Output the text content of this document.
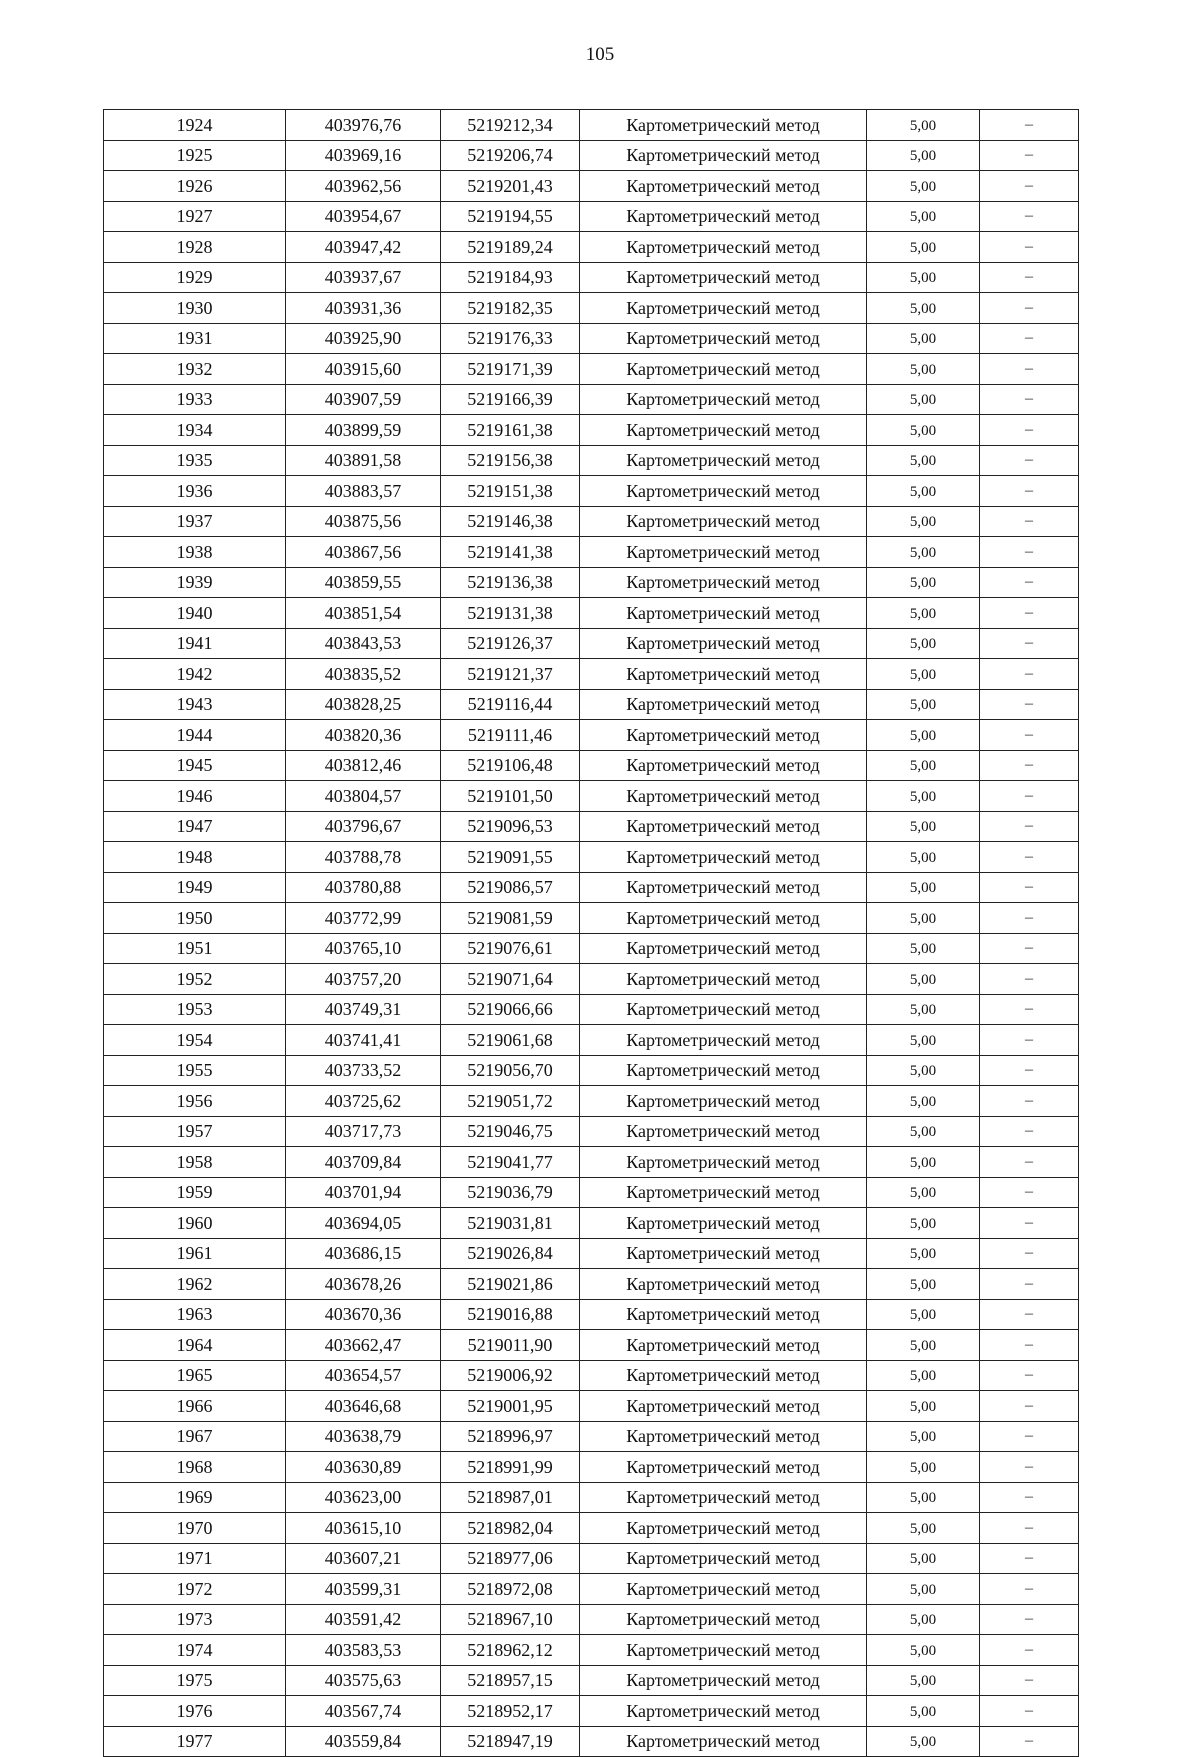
105
1924	403976,76	5219212,34	Картометрический метод	5,00	–
1925	403969,16	5219206,74	Картометрический метод	5,00	–
1926	403962,56	5219201,43	Картометрический метод	5,00	–
1927	403954,67	5219194,55	Картометрический метод	5,00	–
1928	403947,42	5219189,24	Картометрический метод	5,00	–
1929	403937,67	5219184,93	Картометрический метод	5,00	–
1930	403931,36	5219182,35	Картометрический метод	5,00	–
1931	403925,90	5219176,33	Картометрический метод	5,00	–
1932	403915,60	5219171,39	Картометрический метод	5,00	–
1933	403907,59	5219166,39	Картометрический метод	5,00	–
1934	403899,59	5219161,38	Картометрический метод	5,00	–
1935	403891,58	5219156,38	Картометрический метод	5,00	–
1936	403883,57	5219151,38	Картометрический метод	5,00	–
1937	403875,56	5219146,38	Картометрический метод	5,00	–
1938	403867,56	5219141,38	Картометрический метод	5,00	–
1939	403859,55	5219136,38	Картометрический метод	5,00	–
1940	403851,54	5219131,38	Картометрический метод	5,00	–
1941	403843,53	5219126,37	Картометрический метод	5,00	–
1942	403835,52	5219121,37	Картометрический метод	5,00	–
1943	403828,25	5219116,44	Картометрический метод	5,00	–
1944	403820,36	5219111,46	Картометрический метод	5,00	–
1945	403812,46	5219106,48	Картометрический метод	5,00	–
1946	403804,57	5219101,50	Картометрический метод	5,00	–
1947	403796,67	5219096,53	Картометрический метод	5,00	–
1948	403788,78	5219091,55	Картометрический метод	5,00	–
1949	403780,88	5219086,57	Картометрический метод	5,00	–
1950	403772,99	5219081,59	Картометрический метод	5,00	–
1951	403765,10	5219076,61	Картометрический метод	5,00	–
1952	403757,20	5219071,64	Картометрический метод	5,00	–
1953	403749,31	5219066,66	Картометрический метод	5,00	–
1954	403741,41	5219061,68	Картометрический метод	5,00	–
1955	403733,52	5219056,70	Картометрический метод	5,00	–
1956	403725,62	5219051,72	Картометрический метод	5,00	–
1957	403717,73	5219046,75	Картометрический метод	5,00	–
1958	403709,84	5219041,77	Картометрический метод	5,00	–
1959	403701,94	5219036,79	Картометрический метод	5,00	–
1960	403694,05	5219031,81	Картометрический метод	5,00	–
1961	403686,15	5219026,84	Картометрический метод	5,00	–
1962	403678,26	5219021,86	Картометрический метод	5,00	–
1963	403670,36	5219016,88	Картометрический метод	5,00	–
1964	403662,47	5219011,90	Картометрический метод	5,00	–
1965	403654,57	5219006,92	Картометрический метод	5,00	–
1966	403646,68	5219001,95	Картометрический метод	5,00	–
1967	403638,79	5218996,97	Картометрический метод	5,00	–
1968	403630,89	5218991,99	Картометрический метод	5,00	–
1969	403623,00	5218987,01	Картометрический метод	5,00	–
1970	403615,10	5218982,04	Картометрический метод	5,00	–
1971	403607,21	5218977,06	Картометрический метод	5,00	–
1972	403599,31	5218972,08	Картометрический метод	5,00	–
1973	403591,42	5218967,10	Картометрический метод	5,00	–
1974	403583,53	5218962,12	Картометрический метод	5,00	–
1975	403575,63	5218957,15	Картометрический метод	5,00	–
1976	403567,74	5218952,17	Картометрический метод	5,00	–
1977	403559,84	5218947,19	Картометрический метод	5,00	–
